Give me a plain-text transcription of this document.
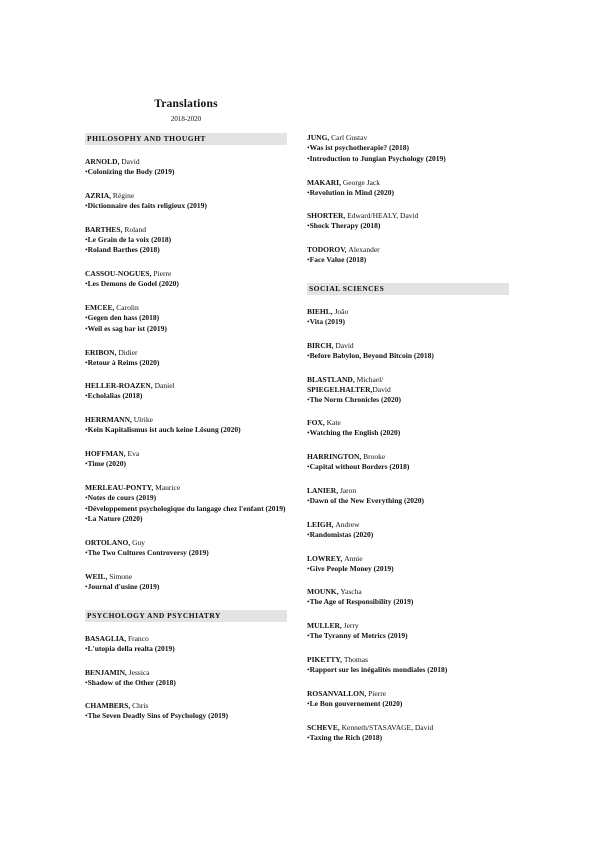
Translations
2018-2020
PHILOSOPHY AND THOUGHT
ARNOLD, David
•Colonizing the Body (2019)
AZRIA, Régine
•Dictionnaire des faits religieux (2019)
BARTHES, Roland
•Le Grain de la voix (2018)
•Roland Barthes (2018)
CASSOU-NOGUES, Pierre
•Les Demons de Godel (2020)
EMCEE, Carolin
•Gegen den hass (2018)
•Weil es sag bar ist (2019)
ERIBON, Didier
•Retour à Reims (2020)
HELLER-ROAZEN, Daniel
•Echolalias (2018)
HERRMANN, Ulrike
•Kein Kapitalismus ist auch keine Lösung (2020)
HOFFMAN, Eva
•Time (2020)
MERLEAU-PONTY, Maurice
•Notes de cours (2019)
•Développement psychologique du langage chez l'enfant (2019)
•La Nature (2020)
ORTOLANO, Guy
•The Two Cultures Controversy (2019)
WEIL, Simone
•Journal d'usine (2019)
PSYCHOLOGY AND PSYCHIATRY
BASAGLIA, Franco
•L'utopia della realta (2019)
BENJAMIN, Jessica
•Shadow of the Other (2018)
CHAMBERS, Chris
•The Seven Deadly Sins of Psychology (2019)
JUNG, Carl Gustav
•Was ist psychotherapie? (2018)
•Introduction to Jungian Psychology (2019)
MAKARI, George Jack
•Revolution in Mind (2020)
SHORTER, Edward/HEALY, David
•Shock Therapy (2018)
TODOROV, Alexander
•Face Value (2018)
SOCIAL SCIENCES
BIEHL, João
•Vita (2019)
BIRCH, David
•Before Babylon, Beyond Bitcoin (2018)
BLASTLAND, Michael/
SPIEGELHALTER,David
•The Norm Chronicles (2020)
FOX, Kate
•Watching the English (2020)
HARRINGTON, Brooke
•Capital without Borders (2018)
LANIER, Jaron
•Dawn of the New Everything (2020)
LEIGH, Andrew
•Randomistas (2020)
LOWREY, Annie
•Give People Money (2019)
MOUNK, Yascha
•The Age of Responsibility (2019)
MULLER, Jerry
•The Tyranny of Metrics (2019)
PIKETTY, Thomas
•Rapport sur les inégalités mondiales (2018)
ROSANVALLON, Pierre
•Le Bon gouvernement (2020)
SCHEVE, Kenneth/STASAVAGE, David
•Taxing the Rich (2018)
